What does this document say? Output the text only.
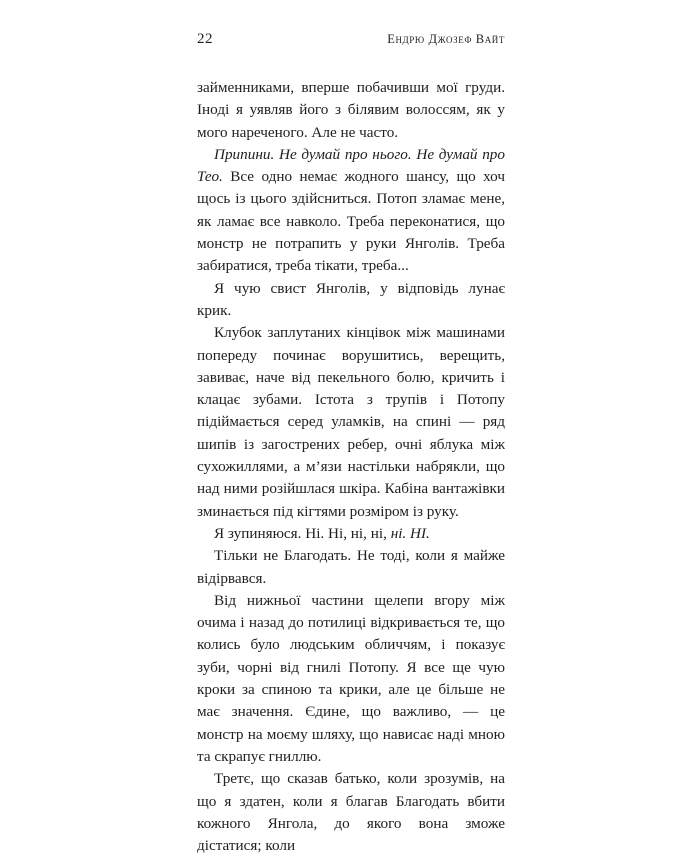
22	Ендрю Джозеф Вайт

займенниками, вперше побачивши мої груди. Іноді я уявляв його з білявим волоссям, як у мого нареченого. Але не часто.

Припини. Не думай про нього. Не думай про Тео. Все одно немає жодного шансу, що хоч щось із цього здійсниться. Потоп зламає мене, як ламає все навколо. Треба переконатися, що монстр не потрапить у руки Янголів. Треба забиратися, треба тікати, треба...

Я чую свист Янголів, у відповідь лунає крик.

Клубок заплутаних кінцівок між машинами попереду починає ворушитись, верещить, завиває, наче від пекельного болю, кричить і клацає зубами. Істота з трупів і Потопу підіймається серед уламків, на спині — ряд шипів із загострених ребер, очні яблука між сухожиллями, а м’язи настільки набрякли, що над ними розійшлася шкіра. Кабіна вантажівки зминається під кігтями розміром із руку.

Я зупиняюся. Ні. Ні, ні, ні, ні. НІ.

Тільки не Благодать. Не тоді, коли я майже відірвався.

Від нижньої частини щелепи вгору між очима і назад до потилиці відкривається те, що колись було людським обличчям, і показує зуби, чорні від гнилі Потопу. Я все ще чую кроки за спиною та крики, але це більше не має значення. Єдине, що важливо, — це монстр на моєму шляху, що нависає наді мною та скрапує гниллю.

Третє, що сказав батько, коли зрозумів, на що я здатен, коли я благав Благодать вбити кожного Янгола, до якого вона зможе дістатися; коли
